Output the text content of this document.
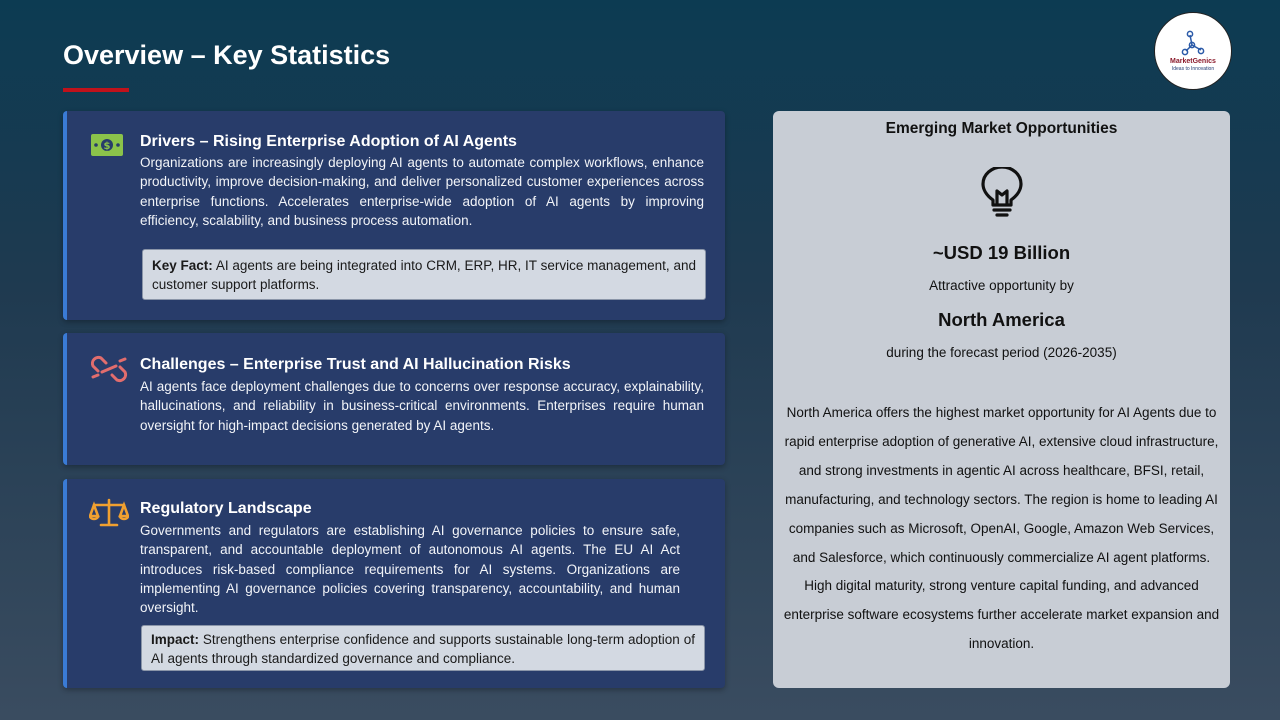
Overview – Key Statistics	MarketGenics
Ideas to Innovation
$ Drivers – Rising Enterprise Adoption of AI Agents

Organizations are increasingly deploying AI agents to automate complex workflows, enhance productivity, improve decision-making, and deliver personalized customer experiences across enterprise functions. Accelerates enterprise-wide adoption of AI agents by improving efficiency, scalability, and business process automation.

Key Fact: AI agents are being integrated into CRM, ERP, HR, IT service management, and customer support platforms.
Challenges – Enterprise Trust and AI Hallucination Risks

AI agents face deployment challenges due to concerns over response accuracy, explainability, hallucinations, and reliability in business-critical environments. Enterprises require human oversight for high-impact decisions generated by AI agents.

Regulatory Landscape

Governments and regulators are establishing AI governance policies to ensure safe, transparent, and accountable deployment of autonomous AI agents. The EU AI Act introduces risk-based compliance requirements for AI systems. Organizations are implementing AI governance policies covering transparency, accountability, and human oversight.

Impact: Strengthens enterprise confidence and supports sustainable long-term adoption of AI agents through standardized governance and compliance.
Emerging Market Opportunities
~USD 19 Billion
Attractive opportunity by
North America
during the forecast period (2026-2035)

North America offers the highest market opportunity for AI Agents due to rapid enterprise adoption of generative AI, extensive cloud infrastructure, and strong investments in agentic AI across healthcare, BFSI, retail, manufacturing, and technology sectors. The region is home to leading AI companies such as Microsoft, OpenAI, Google, Amazon Web Services, and Salesforce, which continuously commercialize AI agent platforms. High digital maturity, strong venture capital funding, and advanced enterprise software ecosystems further accelerate market expansion and innovation.
